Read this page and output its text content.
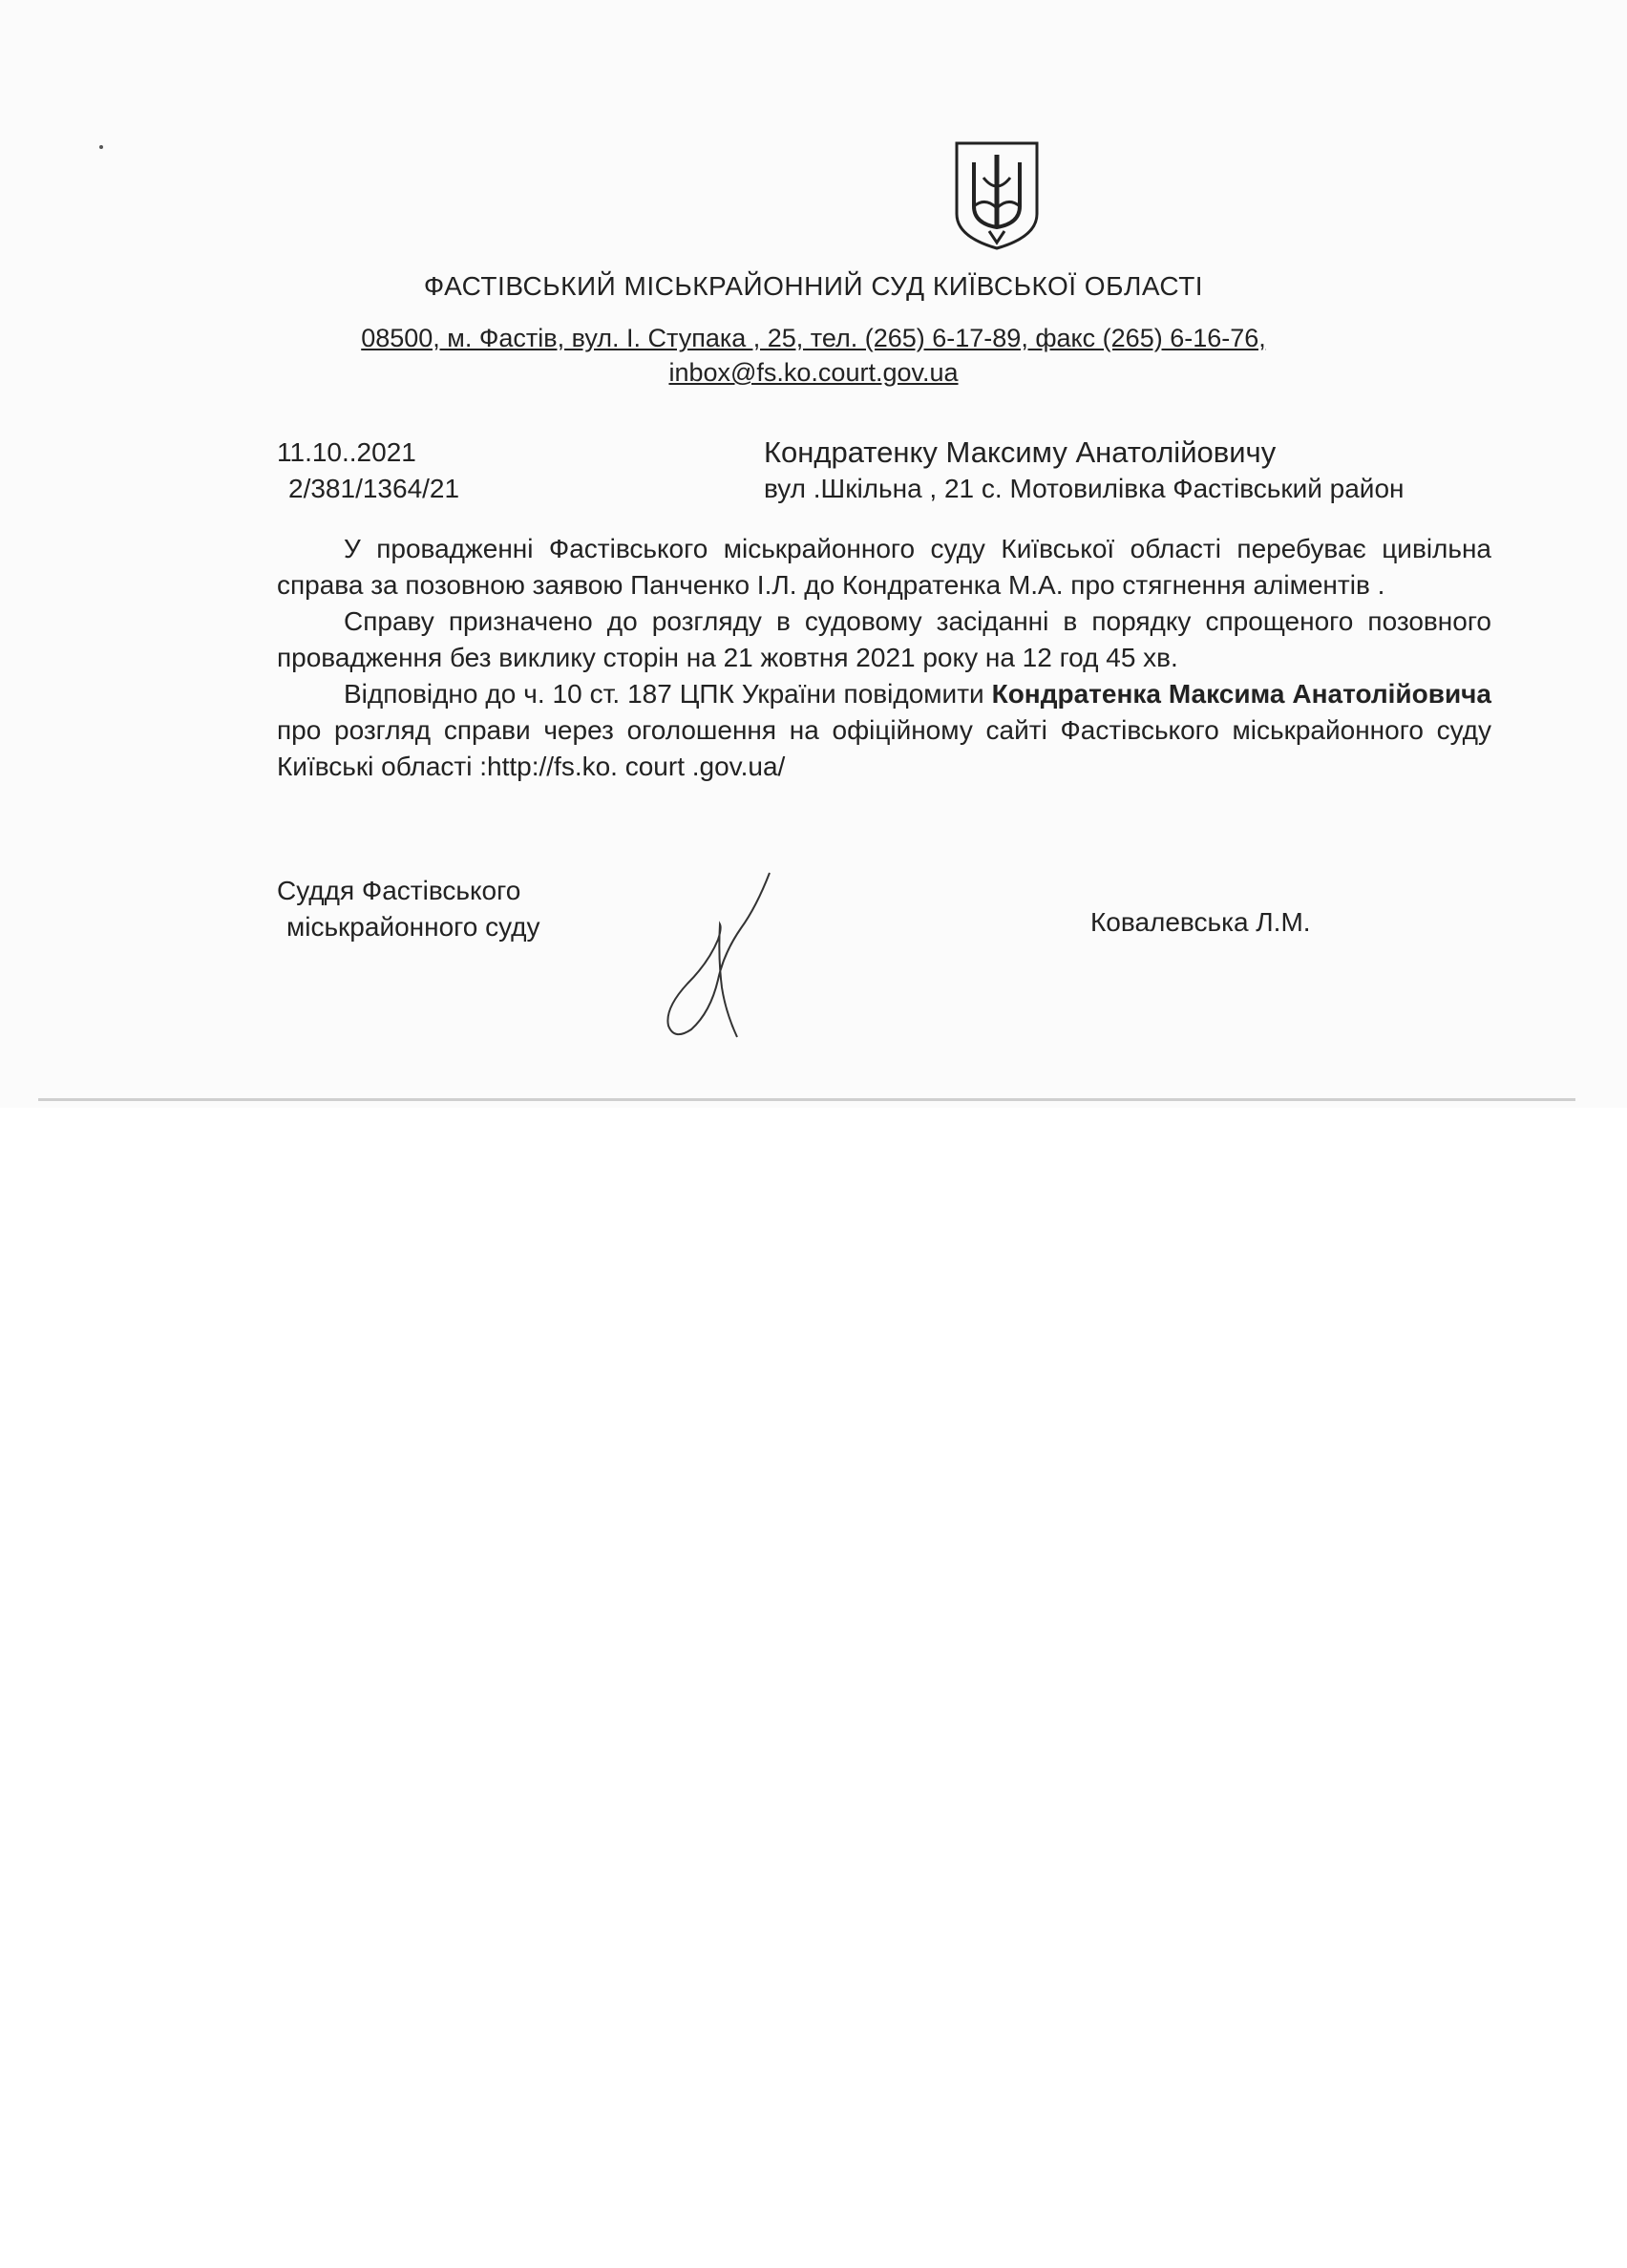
ФАСТІВСЬКИЙ МІСЬКРАЙОННИЙ СУД КИЇВСЬКОЇ ОБЛАСТІ
08500, м. Фастів, вул. І. Ступака , 25, тел. (265) 6-17-89, факс (265) 6-16-76,
inbox@fs.ko.court.gov.ua
11.10..2021
2/381/1364/21
Кондратенку Максиму Анатолійовичу
вул .Шкільна , 21 с. Мотовилівка Фастівський район

У провадженні Фастівського міськрайонного суду Київської області перебуває цивільна справа за позовною заявою Панченко І.Л. до Кондратенка М.А. про стягнення аліментів .

Справу призначено до розгляду в судовому засіданні в порядку спрощеного позовного провадження без виклику сторін на 21 жовтня 2021 року на 12 год 45 хв.

Відповідно до ч. 10 ст. 187 ЦПК України повідомити Кондратенка Максима Анатолійовича про розгляд справи через оголошення на офіційному сайті Фастівського міськрайонного суду Київські області :http://fs.ko. court .gov.ua/

Суддя Фастівського
міськрайонного суду	Ковалевська Л.М.
